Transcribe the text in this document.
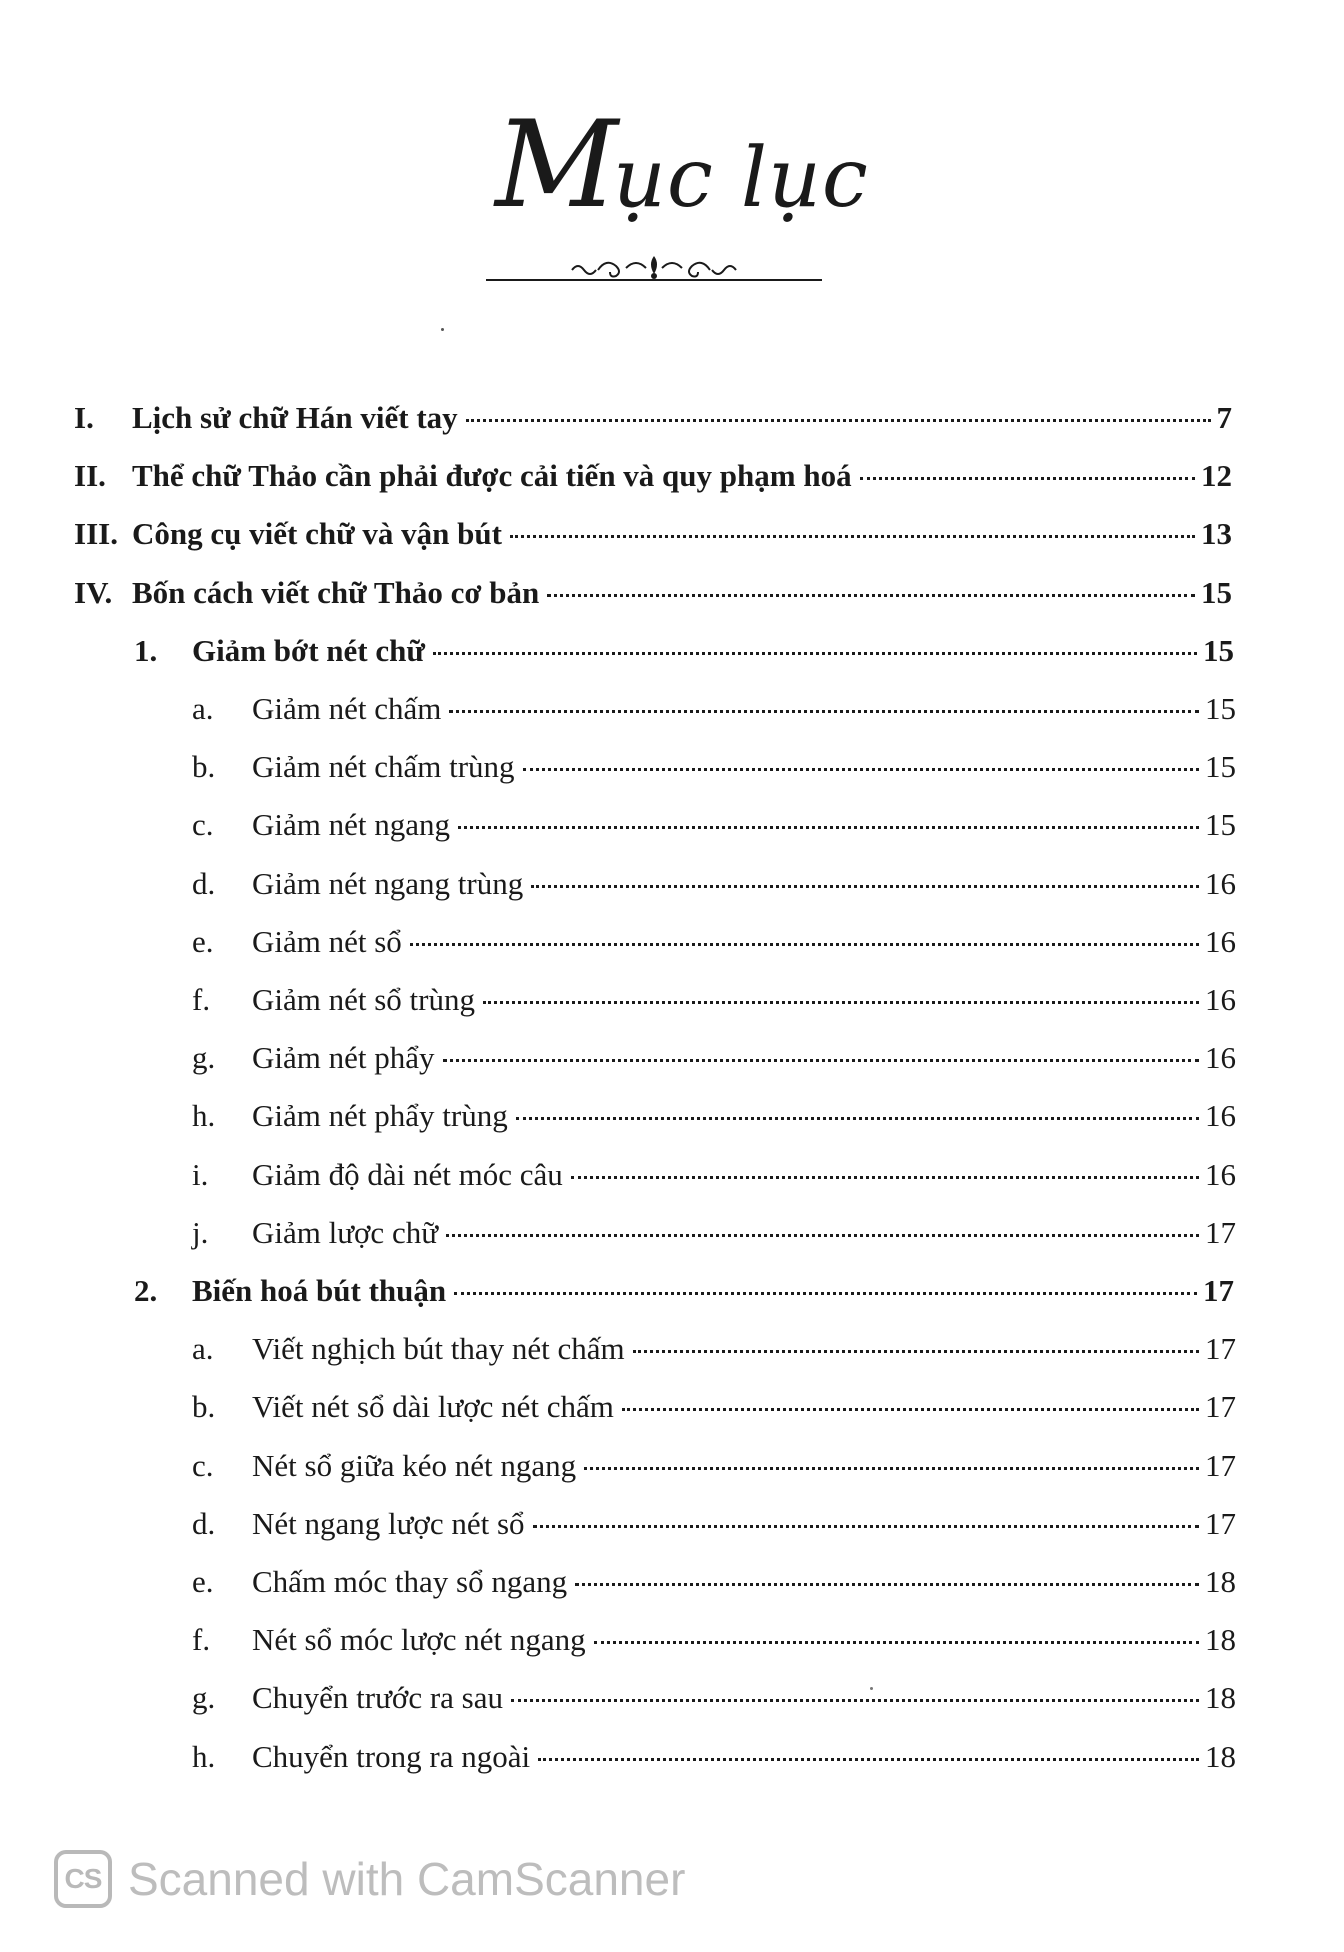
Mục lục
I.	Lịch sử chữ Hán viết tay	7
II. Thể chữ Thảo cần phải được cải tiến và quy phạm hoá	12
III. Công cụ viết chữ và vận bút	13
IV. Bốn cách viết chữ Thảo cơ bản	15
1.	Giảm bớt nét chữ	15
a.	Giảm nét chấm	15
b.	Giảm nét chấm trùng	15
c.	Giảm nét ngang	15
d.	Giảm nét ngang trùng	16
e.	Giảm nét sổ	16
f.	Giảm nét sổ trùng	16
g.	Giảm nét phẩy	16
h.	Giảm nét phẩy trùng	16
i.	Giảm độ dài nét móc câu	16
j.	Giảm lược chữ	17
2.	Biến hoá bút thuận	17
a.	Viết nghịch bút thay nét chấm	17
b.	Viết nét sổ dài lược nét chấm	17
c.	Nét sổ giữa kéo nét ngang	17
d.	Nét ngang lược nét sổ	17
e.	Chấm móc thay sổ ngang	18
f.	Nét sổ móc lược nét ngang	18
g.	Chuyển trước ra sau	18
h.	Chuyển trong ra ngoài	18
CS Scanned with CamScanner
